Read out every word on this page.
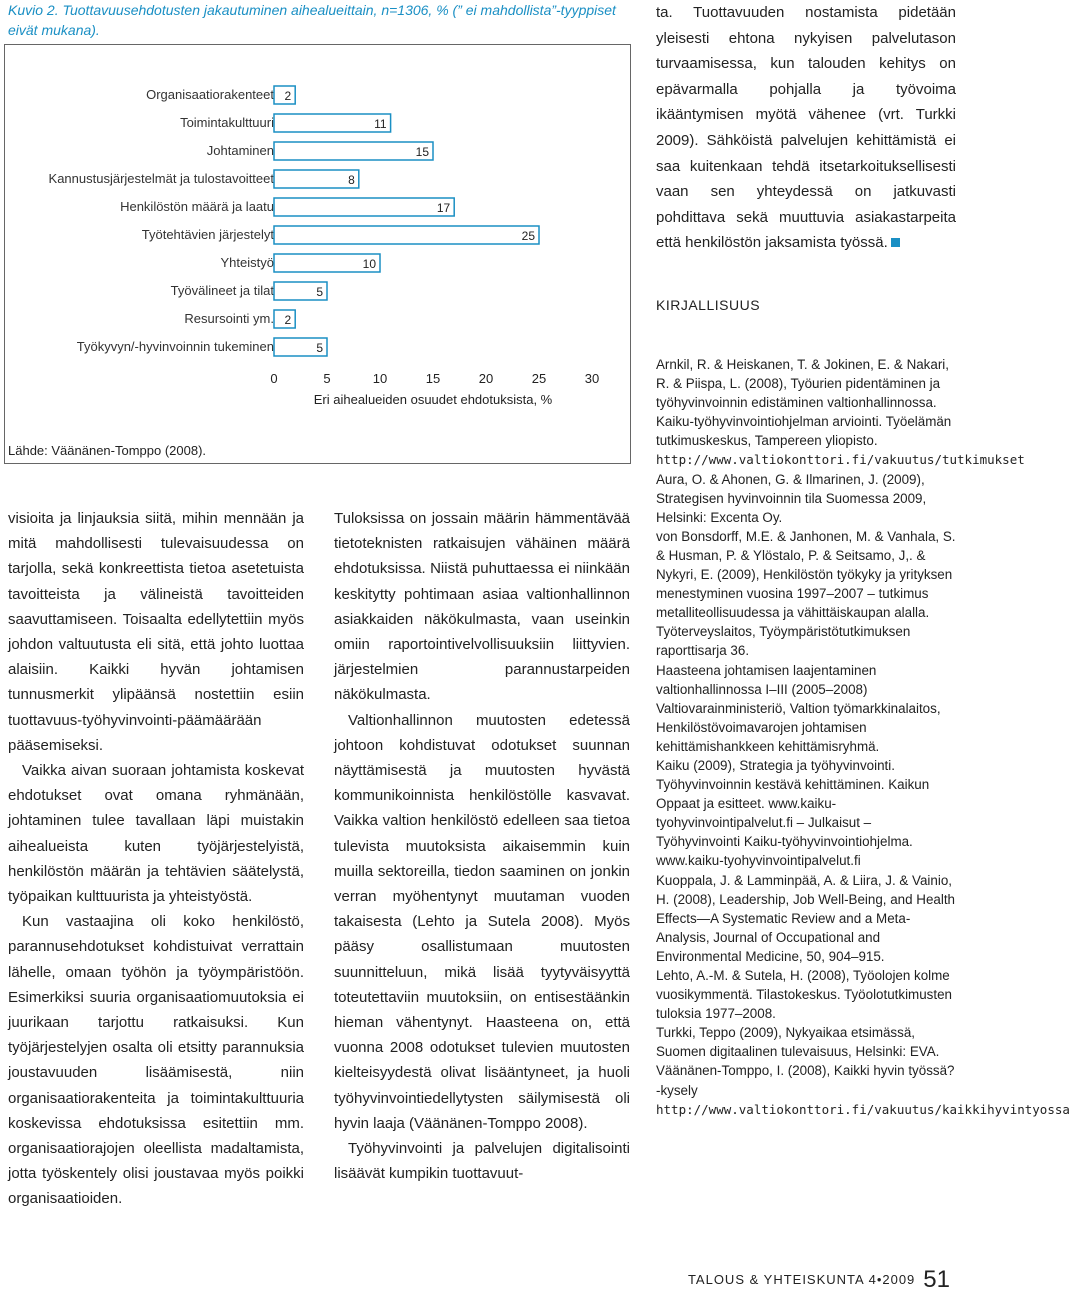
Kuvio 2. Tuottavuusehdotusten jakautuminen aihealueittain, n=1306, % (” ei mahdollista”-tyyppiset eivät mukana).
Organisaatiorakenteet
Toimintakulttuuri
Johtaminen
Kannustusjärjestelmät ja tulostavoitteet
Henkilöstön määrä ja laatu
Työtehtävien järjestelyt
Yhteistyö
Työvälineet ja tilat
Resursointi ym.
Työkyvyn/-hyvinvoinnin tukeminen
2
11
15
8
17
25
10
5
2
5
0	5	10	15	20	25	30
Eri aihealueiden osuudet ehdotuksista, %
Lähde: Väänänen-Tomppo (2008).

visioita ja linjauksia siitä, mihin mennään ja mitä mahdollisesti tulevaisuudessa on tarjolla, sekä konkreettista tietoa asetetuista tavoitteista ja välineistä tavoitteiden saavuttamiseen. Toisaalta edellytettiin myös johdon valtuutusta eli sitä, että johto luottaa alaisiin. Kaikki hyvän johtamisen tunnusmerkit ylipäänsä nostettiin esiin tuottavuus-työhyvinvointi-päämäärään pääsemiseksi.

Vaikka aivan suoraan johtamista koskevat ehdotukset ovat omana ryhmänään, johtaminen tulee tavallaan läpi muistakin aihealueista kuten työjärjestelyistä, henkilöstön määrän ja tehtävien säätelystä, työpaikan kulttuurista ja yhteistyöstä.

Kun vastaajina oli koko henkilöstö, parannusehdotukset kohdistuivat verrattain lähelle, omaan työhön ja työympäristöön. Esimerkiksi suuria organisaatiomuutoksia ei juurikaan tarjottu ratkaisuksi. Kun työjärjestelyjen osalta oli etsitty parannuksia joustavuuden lisäämisestä, niin organisaatiorakenteita ja toimintakulttuuria koskevissa ehdotuksissa esitettiin mm. organisaatiorajojen oleellista madaltamista, jotta työskentely olisi joustavaa myös poikki organisaatioiden.

Tuloksissa on jossain määrin hämmentävää tietoteknisten ratkaisujen vähäinen määrä ehdotuksissa. Niistä puhuttaessa ei niinkään keskitytty pohtimaan asiaa valtionhallinnon asiakkaiden näkökulmasta, vaan useinkin omiin raportointivelvollisuuksiin liittyvien. järjestelmien parannustarpeiden näkökulmasta.

Valtionhallinnon muutosten edetessä johtoon kohdistuvat odotukset suunnan näyttämisestä ja muutosten hyvästä kommunikoinnista henkilöstölle kasvavat. Vaikka valtion henkilöstö edelleen saa tietoa tulevista muutoksista aikaisemmin kuin muilla sektoreilla, tiedon saaminen on jonkin verran myöhentynyt muutaman vuoden takaisesta (Lehto ja Sutela 2008). Myös pääsy osallistumaan muutosten suunnitteluun, mikä lisää tyytyväisyyttä toteutettaviin muutoksiin, on entisestäänkin hieman vähentynyt. Haasteena on, että vuonna 2008 odotukset tulevien muutosten kielteisyydestä olivat lisääntyneet, ja huoli työhyvinvointiedellytysten säilymisestä oli hyvin laaja (Väänänen-Tomppo 2008).

Työhyvinvointi ja palvelujen digitalisointi lisäävät kumpikin tuottavuut-

ta. Tuottavuuden nostamista pidetään yleisesti ehtona nykyisen palvelutason turvaamisessa, kun talouden kehitys on epävarmalla pohjalla ja työvoima ikääntymisen myötä vähenee (vrt. Turkki 2009). Sähköistä palvelujen kehittämistä ei saa kuitenkaan tehdä itsetarkoituksellisesti vaan sen yhteydessä on jatkuvasti pohdittava sekä muuttuvia asiakastarpeita että henkilöstön jaksamista työssä.
KIRJALLISUUS

Arnkil, R. & Heiskanen, T. & Jokinen, E. & Nakari, R. & Piispa, L. (2008), Työurien pidentäminen ja työhyvinvoinnin edistäminen valtionhallinnossa. Kaiku-työhyvinvointiohjelman arviointi. Työelämän tutkimuskeskus, Tampereen yliopisto. http://www.valtiokonttori.fi/vakuutus/tutkimukset

Aura, O. & Ahonen, G. & Ilmarinen, J. (2009), Strategisen hyvinvoinnin tila Suomessa 2009, Helsinki: Excenta Oy.

von Bonsdorff, M.E. & Janhonen, M. & Vanhala, S. & Husman, P. & Ylöstalo, P. & Seitsamo, J,. & Nykyri, E. (2009), Henkilöstön työkyky ja yrityksen menestyminen vuosina 1997–2007 – tutkimus metalliteollisuudessa ja vähittäiskaupan alalla. Työterveyslaitos, Työympäristötutkimuksen raporttisarja 36.

Haasteena johtamisen laajentaminen valtionhallinnossa I–III (2005–2008) Valtiovarainministeriö, Valtion työmarkkinalaitos, Henkilöstövoimavarojen johtamisen kehittämishankkeen kehittämisryhmä.

Kaiku (2009), Strategia ja työhyvinvointi. Työhyvinvoinnin kestävä kehittäminen. Kaikun Oppaat ja esitteet. www.kaiku-tyohyvinvointipalvelut.fi – Julkaisut – Työhyvinvointi Kaiku-työhyvinvointiohjelma. www.kaiku-tyohyvinvointipalvelut.fi

Kuoppala, J. & Lamminpää, A. & Liira, J. & Vainio, H. (2008), Leadership, Job Well-Being, and Health Effects—A Systematic Review and a Meta-Analysis, Journal of Occupational and Environmental Medicine, 50, 904–915.

Lehto, A.-M. & Sutela, H. (2008), Työolojen kolme vuosikymmentä. Tilastokeskus. Työolotutkimusten tuloksia 1977–2008.

Turkki, Teppo (2009), Nykyaikaa etsimässä, Suomen digitaalinen tulevaisuus, Helsinki: EVA.

Väänänen-Tomppo, I. (2008), Kaikki hyvin työssä? -kysely http://www.valtiokonttori.fi/vakuutus/kaikkihyvintyossa

TALOUS & YHTEISKUNTA 4•2009 51
